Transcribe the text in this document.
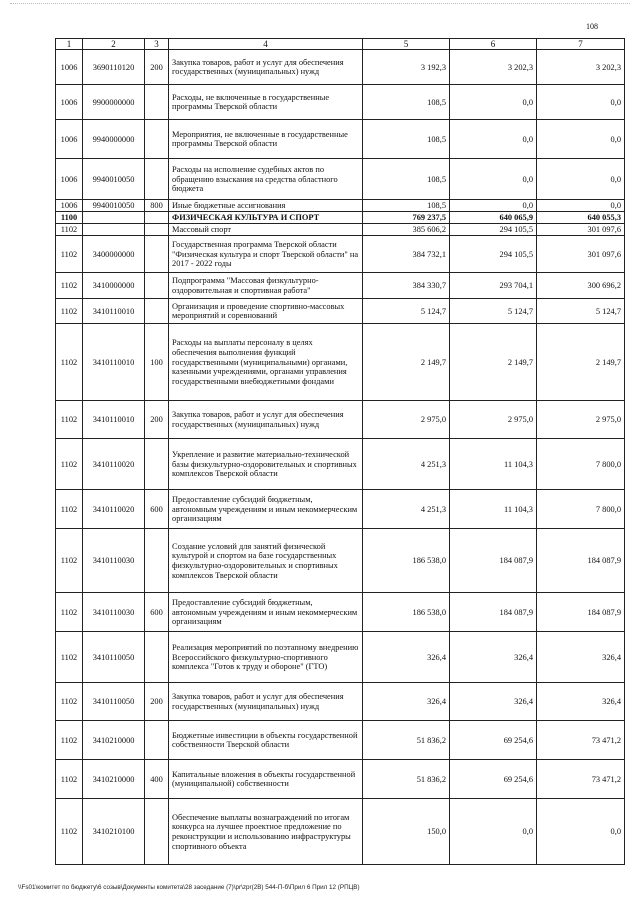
108
1	2	3	4	5	6	7
1006	3690110120	200	Закупка товаров, работ и услуг для обеспечения государственных (муниципальных) нужд	3 192,3	3 202,3	3 202,3
1006	9900000000		Расходы, не включенные в государственные программы Тверской области	108,5	0,0	0,0
1006	9940000000		Мероприятия, не включенные в государственные программы Тверской области	108,5	0,0	0,0
1006	9940010050		Расходы на исполнение судебных актов по обращению взыскания на средства областного бюджета	108,5	0,0	0,0
1006	9940010050	800	Иные бюджетные ассигнования	108,5	0,0	0,0
1100			ФИЗИЧЕСКАЯ КУЛЬТУРА И СПОРТ	769 237,5	640 065,9	640 055,3
1102			Массовый спорт	385 606,2	294 105,5	301 097,6
1102	3400000000		Государственная программа Тверской области "Физическая культура и спорт Тверской области" на 2017 - 2022 годы	384 732,1	294 105,5	301 097,6
1102	3410000000		Подпрограмма "Массовая физкультурно-оздоровительная и спортивная работа"	384 330,7	293 704,1	300 696,2
1102	3410110010		Организация и проведение спортивно-массовых мероприятий и соревнований	5 124,7	5 124,7	5 124,7
1102	3410110010	100	Расходы на выплаты персоналу в целях обеспечения выполнения функций государственными (муниципальными) органами, казенными учреждениями, органами управления государственными внебюджетными фондами	2 149,7	2 149,7	2 149,7
1102	3410110010	200	Закупка товаров, работ и услуг для обеспечения государственных (муниципальных) нужд	2 975,0	2 975,0	2 975,0
1102	3410110020		Укрепление и развитие материально-технической базы физкультурно-оздоровительных и спортивных комплексов Тверской области	4 251,3	11 104,3	7 800,0
1102	3410110020	600	Предоставление субсидий бюджетным, автономным учреждениям и иным некоммерческим организациям	4 251,3	11 104,3	7 800,0
1102	3410110030		Создание условий для занятий физической культурой и спортом на базе государственных физкультурно-оздоровительных и спортивных комплексов Тверской области	186 538,0	184 087,9	184 087,9
1102	3410110030	600	Предоставление субсидий бюджетным, автономным учреждениям и иным некоммерческим организациям	186 538,0	184 087,9	184 087,9
1102	3410110050		Реализация мероприятий по поэтапному внедрению Всероссийского физкультурно-спортивного комплекса "Готов к труду и обороне" (ГТО)	326,4	326,4	326,4
1102	3410110050	200	Закупка товаров, работ и услуг для обеспечения государственных (муниципальных) нужд	326,4	326,4	326,4
1102	3410210000		Бюджетные инвестиции в объекты государственной собственности Тверской области	51 836,2	69 254,6	73 471,2
1102	3410210000	400	Капитальные вложения в объекты государственной (муниципальной) собственности	51 836,2	69 254,6	73 471,2
1102	3410210100		Обеспечение выплаты вознаграждений по итогам конкурса на лучшее проектное предложение по реконструкции и использованию инфраструктуры спортивного объекта	150,0	0,0	0,0
\\Fs01\комитет по бюджету\6 созыв\Документы комитета\28 заседание (7)\pr\zpr(2B) 544-П-б\Прил 6 Прил 12 (РПЦВ)
